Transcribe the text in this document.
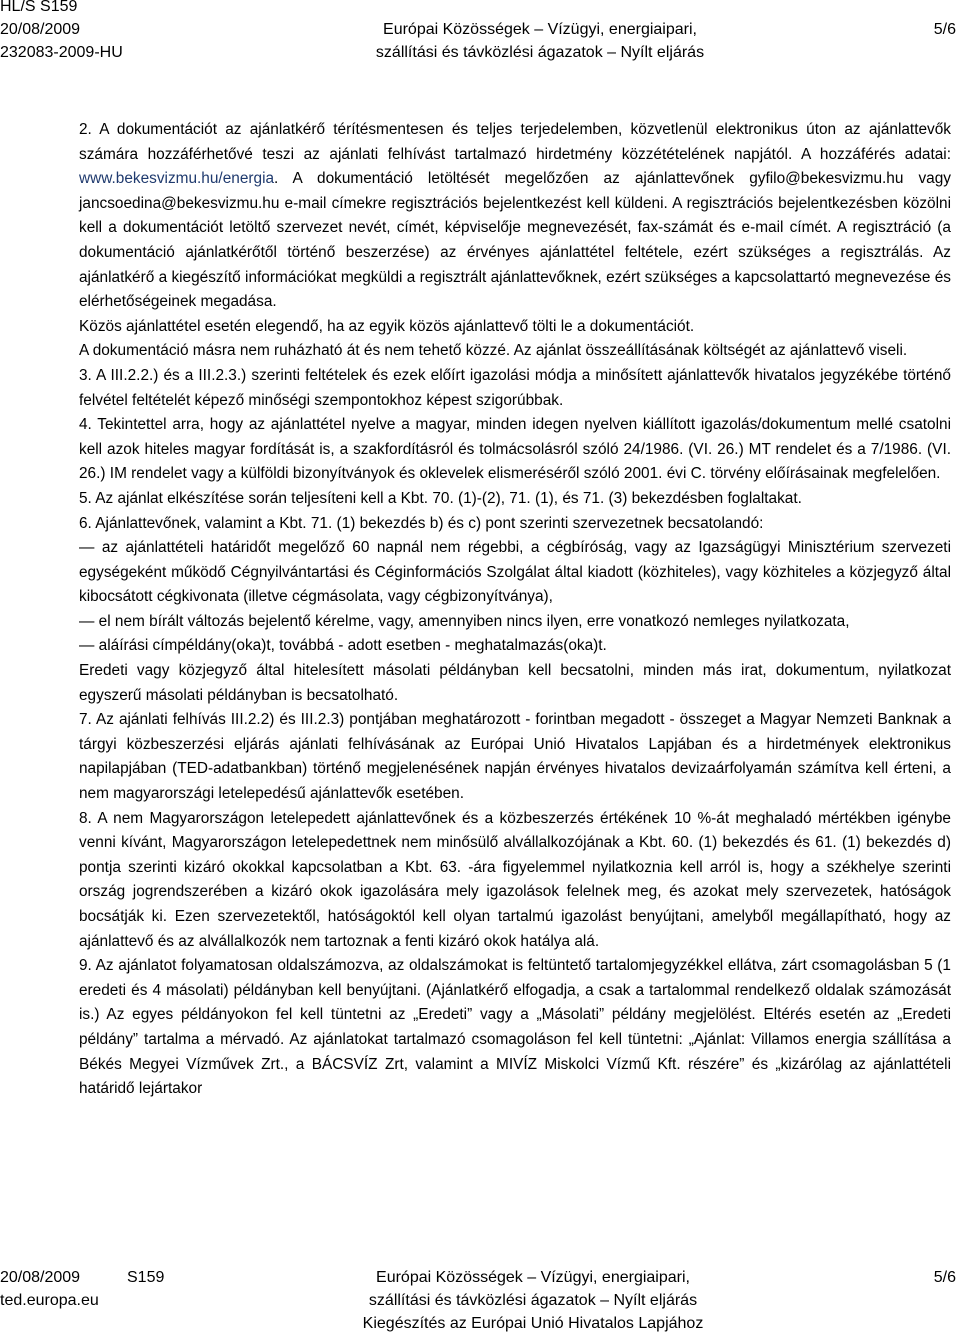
HL/S S159
20/08/2009
232083-2009-HU
Európai Közösségek – Vízügyi, energiaipari,
szállítási és távközlési ágazatok – Nyílt eljárás
5/6

2. A dokumentációt az ajánlatkérő térítésmentesen és teljes terjedelemben, közvetlenül elektronikus úton az ajánlattevők számára hozzáférhetővé teszi az ajánlati felhívást tartalmazó hirdetmény közzétételének napjától. A hozzáférés adatai: www.bekesvizmu.hu/energia. A dokumentáció letöltését megelőzően az ajánlattevőnek gyfilo@bekesvizmu.hu vagy jancsoedina@bekesvizmu.hu e-mail címekre regisztrációs bejelentkezést kell küldeni. A regisztrációs bejelentkezésben közölni kell a dokumentációt letöltő szervezet nevét, címét, képviselője megnevezését, fax-számát és e-mail címét. A regisztráció (a dokumentáció ajánlatkérőtől történő beszerzése) az érvényes ajánlattétel feltétele, ezért szükséges a regisztrálás. Az ajánlatkérő a kiegészítő információkat megküldi a regisztrált ajánlattevőknek, ezért szükséges a kapcsolattartó megnevezése és elérhetőségeinek megadása.

Közös ajánlattétel esetén elegendő, ha az egyik közös ajánlattevő tölti le a dokumentációt.

A dokumentáció másra nem ruházható át és nem tehető közzé. Az ajánlat összeállításának költségét az ajánlattevő viseli.

3. A III.2.2.) és a III.2.3.) szerinti feltételek és ezek előírt igazolási módja a minősített ajánlattevők hivatalos jegyzékébe történő felvétel feltételét képező minőségi szempontokhoz képest szigorúbbak.

4. Tekintettel arra, hogy az ajánlattétel nyelve a magyar, minden idegen nyelven kiállított igazolás/dokumentum mellé csatolni kell azok hiteles magyar fordítását is, a szakfordításról és tolmácsolásról szóló 24/1986. (VI. 26.) MT rendelet és a 7/1986. (VI. 26.) IM rendelet vagy a külföldi bizonyítványok és oklevelek elismeréséről szóló 2001. évi C. törvény előírásainak megfelelően.

5. Az ajánlat elkészítése során teljesíteni kell a Kbt. 70. (1)-(2), 71. (1), és 71. (3) bekezdésben foglaltakat.

6. Ajánlattevőnek, valamint a Kbt. 71. (1) bekezdés b) és c) pont szerinti szervezetnek becsatolandó:

— az ajánlattételi határidőt megelőző 60 napnál nem régebbi, a cégbíróság, vagy az Igazságügyi Minisztérium szervezeti egységeként működő Cégnyilvántartási és Céginformációs Szolgálat által kiadott (közhiteles), vagy közhiteles a közjegyző által kibocsátott cégkivonata (illetve cégmásolata, vagy cégbizonyítványa),

— el nem bírált változás bejelentő kérelme, vagy, amennyiben nincs ilyen, erre vonatkozó nemleges nyilatkozata,

— aláírási címpéldány(oka)t, továbbá - adott esetben - meghatalmazás(oka)t.

Eredeti vagy közjegyző által hitelesített másolati példányban kell becsatolni, minden más irat, dokumentum, nyilatkozat egyszerű másolati példányban is becsatolható.

7. Az ajánlati felhívás III.2.2) és III.2.3) pontjában meghatározott - forintban megadott - összeget a Magyar Nemzeti Banknak a tárgyi közbeszerzési eljárás ajánlati felhívásának az Európai Unió Hivatalos Lapjában és a hirdetmények elektronikus napilapjában (TED-adatbankban) történő megjelenésének napján érvényes hivatalos devizaárfolyamán számítva kell érteni, a nem magyarországi letelepedésű ajánlattevők esetében.

8. A nem Magyarországon letelepedett ajánlattevőnek és a közbeszerzés értékének 10 %-át meghaladó mértékben igénybe venni kívánt, Magyarországon letelepedettnek nem minősülő alvállalkozójának a Kbt. 60. (1) bekezdés és 61. (1) bekezdés d) pontja szerinti kizáró okokkal kapcsolatban a Kbt. 63. -ára figyelemmel nyilatkoznia kell arról is, hogy a székhelye szerinti ország jogrendszerében a kizáró okok igazolására mely igazolások felelnek meg, és azokat mely szervezetek, hatóságok bocsátják ki. Ezen szervezetektől, hatóságoktól kell olyan tartalmú igazolást benyújtani, amelyből megállapítható, hogy az ajánlattevő és az alvállalkozók nem tartoznak a fenti kizáró okok hatálya alá.

9. Az ajánlatot folyamatosan oldalszámozva, az oldalszámokat is feltüntető tartalomjegyzékkel ellátva, zárt csomagolásban 5 (1 eredeti és 4 másolati) példányban kell benyújtani. (Ajánlatkérő elfogadja, a csak a tartalommal rendelkező oldalak számozását is.) Az egyes példányokon fel kell tüntetni az „Eredeti” vagy a „Másolati” példány megjelölést. Eltérés esetén az „Eredeti példány” tartalma a mérvadó. Az ajánlatokat tartalmazó csomagoláson fel kell tüntetni: „Ajánlat: Villamos energia szállítása a Békés Megyei Vízművek Zrt., a BÁCSVÍZ Zrt, valamint a MIVÍZ Miskolci Vízmű Kft. részére” és „kizárólag az ajánlattételi határidő lejártakor

20/08/2009	S159
ted.europa.eu
Európai Közösségek – Vízügyi, energiaipari,
szállítási és távközlési ágazatok – Nyílt eljárás
Kiegészítés az Európai Unió Hivatalos Lapjához
5/6
